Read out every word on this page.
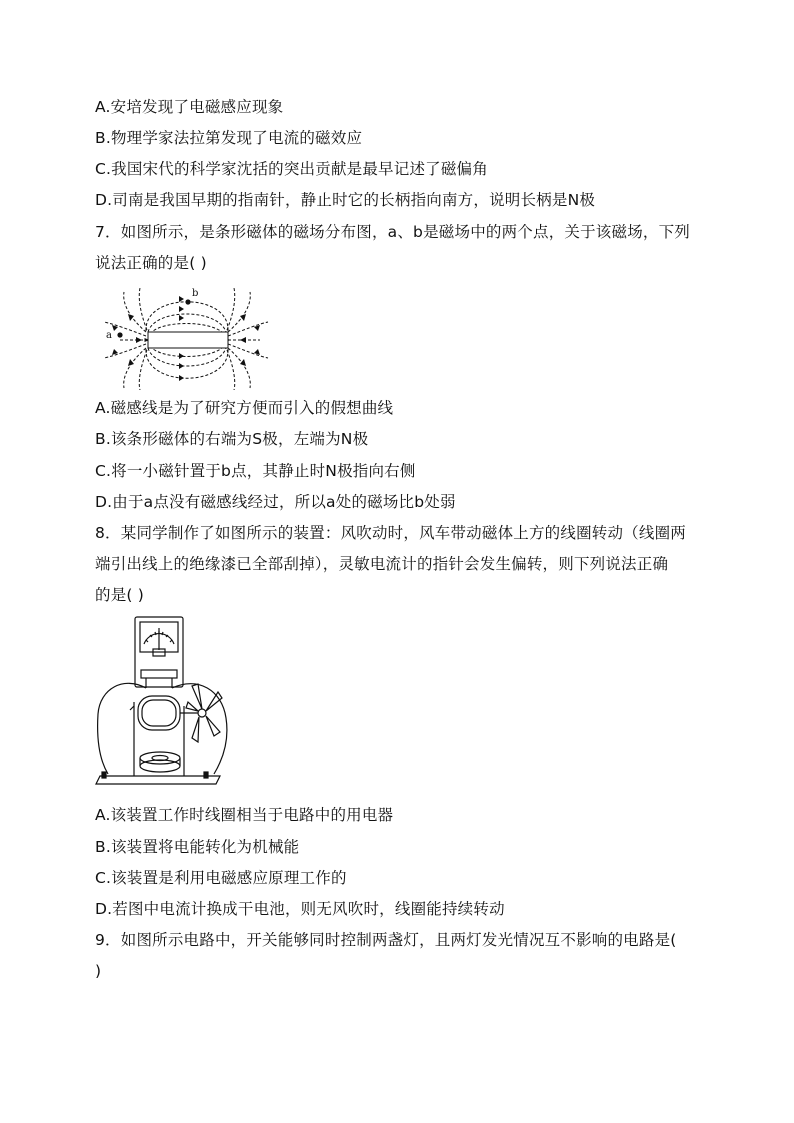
A.安培发现了电磁感应现象
B.物理学家法拉第发现了电流的磁效应
C.我国宋代的科学家沈括的突出贡献是最早记述了磁偏角
D.司南是我国早期的指南针，静止时它的长柄指向南方，说明长柄是N极
7．如图所示，是条形磁体的磁场分布图，a、b是磁场中的两个点，关于该磁场，下列
说法正确的是( )
a
b
A.磁感线是为了研究方便而引入的假想曲线
B.该条形磁体的右端为S极，左端为N极
C.将一小磁针置于b点，其静止时N极指向右侧
D.由于a点没有磁感线经过，所以a处的磁场比b处弱
8．某同学制作了如图所示的装置：风吹动时，风车带动磁体上方的线圈转动（线圈两
端引出线上的绝缘漆已全部刮掉），灵敏电流计的指针会发生偏转，则下列说法正确
的是( )
A.该装置工作时线圈相当于电路中的用电器
B.该装置将电能转化为机械能
C.该装置是利用电磁感应原理工作的
D.若图中电流计换成干电池，则无风吹时，线圈能持续转动
9．如图所示电路中，开关能够同时控制两盏灯，且两灯发光情况互不影响的电路是(
)
